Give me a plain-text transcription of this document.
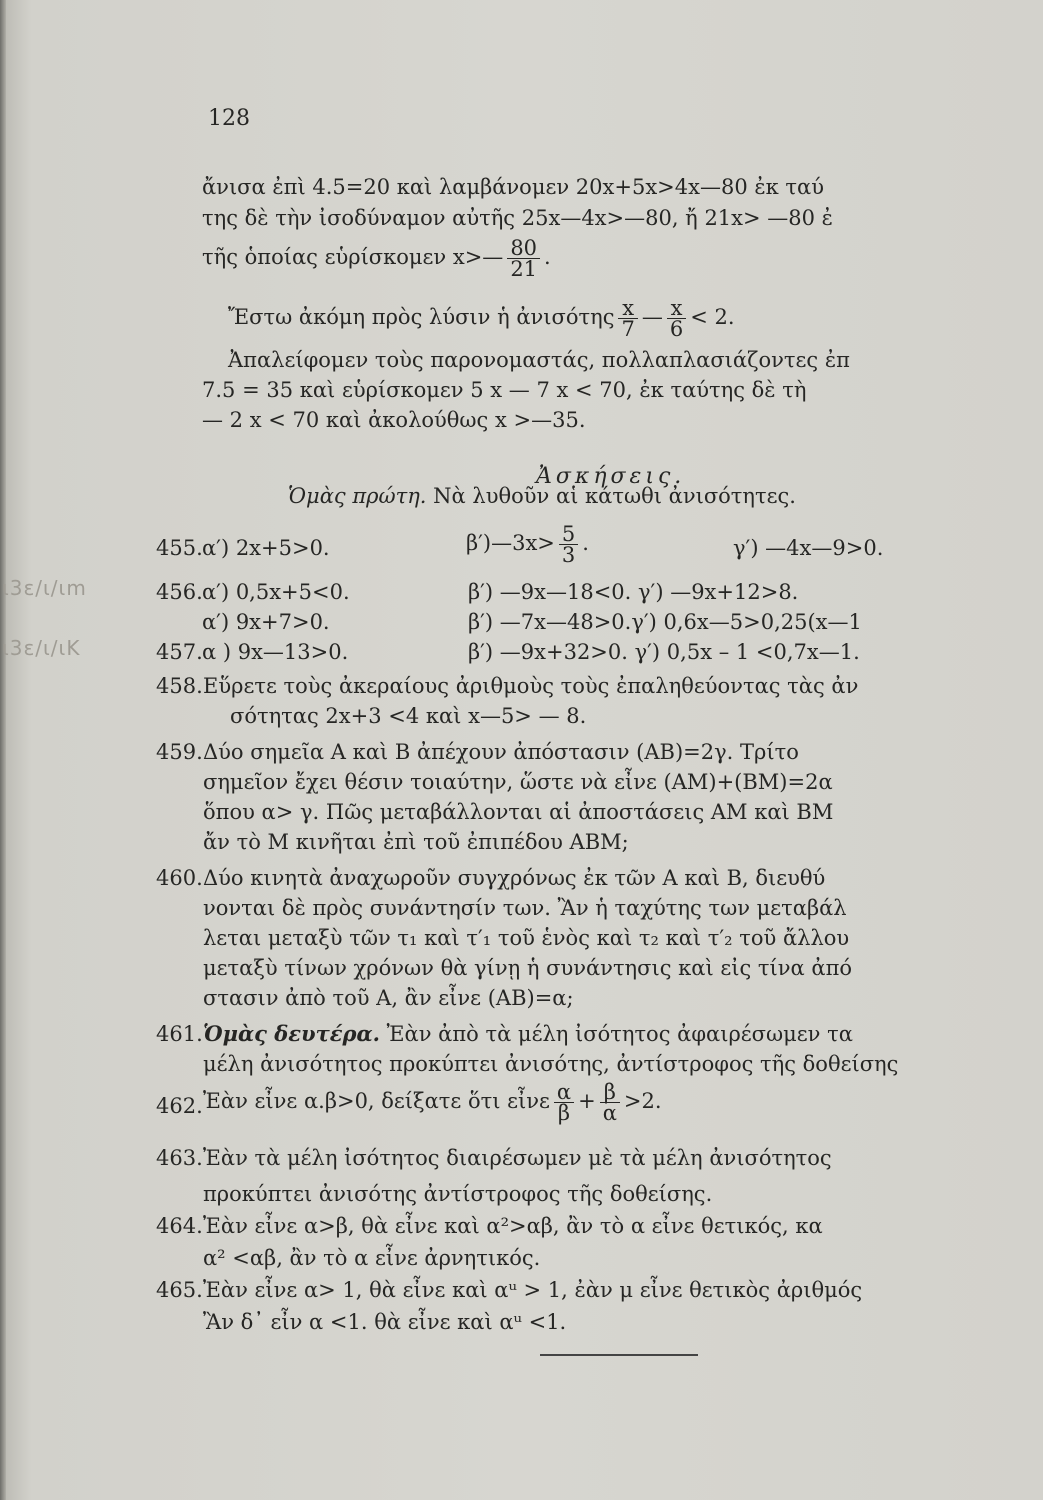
128
ἄνισα ἐπὶ 4.5=20 καὶ λαμβάνομεν 20x+5x>4x—80 ἐκ ταύ
της δὲ τὴν ἰσοδύναμον αὐτῆς 25x—4x>—80, ἤ 21x> —80 ἐ
τῆς ὁποίας εὑρίσκομεν x>— $\frac{80}{21}$ .
Ἔστω ἀκόμη πρὸς λύσιν ἡ ἀνισότης $\frac{x}{7}$ — $\frac{x}{6} < 2$.
Ἀπαλείφομεν τοὺς παρονομαστάς, πολλαπλασιάζοντες ἐπ
7.5 = 35 καὶ εὑρίσκομεν 5 x — 7 x < 70, ἐκ ταύτης δὲ τὴ
— 2 x < 70 καὶ ἀκολούθως x >—35.
Ἀσκήσεις.
Ὁμὰς πρώτη. Νὰ λυθοῦν αἱ κάτωθι ἀνισότητες.
455. α′) 2x+5>0.	β′)—3x> $\frac{5}{3}$ .	γ′) —4x—9>0.
ɩ3ɛ/ɩ/ɩm	456. α′) 0,5x+5<0.	β′) —9x—18<0. γ′) —9x+12>8.
α′) 9x+7>0.	β′) —7x—48>0.γ′) 0,6x—5>0,25(x—1
ɩ3ɛ/ɩ/ɩK	457. α ) 9x—13>0.	β′) —9x+32>0. γ′) 0,5x – 1 <0,7x—1.
458. Εὕρετε τοὺς ἀκεραίους ἀριθμοὺς τοὺς ἐπαληθεύοντας τὰς ἀν
σότητας 2x+3 <4 καὶ x—5> — 8.
459. Δύο σημεῖα Α καὶ Β ἀπέχουν ἀπόστασιν (ΑΒ)=2γ. Τρίτο
σημεῖον ἔχει θέσιν τοιαύτην, ὥστε νὰ εἶνε (ΑΜ)+(ΒΜ)=2α
ὅπου α> γ. Πῶς μεταβάλλονται αἱ ἀποστάσεις ΑΜ καὶ ΒΜ
ἄν τὸ Μ κινῆται ἐπὶ τοῦ ἐπιπέδου ΑΒΜ;
460. Δύο κινητὰ ἀναχωροῦν συγχρόνως ἐκ τῶν Α καὶ Β, διευθύ
νονται δὲ πρὸς συνάντησίν των. Ἂν ἡ ταχύτης των μεταβάλ
λεται μεταξὺ τῶν τ₁ καὶ τ′₁ τοῦ ἑνὸς καὶ τ₂ καὶ τ′₂ τοῦ ἄλλου
μεταξὺ τίνων χρόνων θὰ γίνῃ ἡ συνάντησις καὶ εἰς τίνα ἀπό
στασιν ἀπὸ τοῦ Α, ἂν εἶνε (ΑΒ)=α;
461. Ὁμὰς δευτέρα. Ἐὰν ἀπὸ τὰ μέλη ἰσότητος ἀφαιρέσωμεν τα
μέλη ἀνισότητος προκύπτει ἀνισότης, ἀντίστροφος τῆς δοθείσης
462. Ἐὰν εἶνε α.β>0, δείξατε ὅτι εἶνε $\frac{\alpha}{\beta} + \frac{\beta}{\alpha} >2$.
463. Ἐὰν τὰ μέλη ἰσότητος διαιρέσωμεν μὲ τὰ μέλη ἀνισότητος
προκύπτει ἀνισότης ἀντίστροφος τῆς δοθείσης.
464. Ἐὰν εἶνε α>β, θὰ εἶνε καὶ α²>αβ, ἂν τὸ α εἶνε θετικός, κα
α² <αβ, ἂν τὸ α εἶνε ἀρνητικός.
465. Ἐὰν εἶνε α> 1, θὰ εἶνε καὶ αᵘ > 1, ἐὰν μ εἶνε θετικὸς ἀριθμός
Ἂν δ᾽ εἶν α <1. θὰ εἶνε καὶ αᵘ <1.
